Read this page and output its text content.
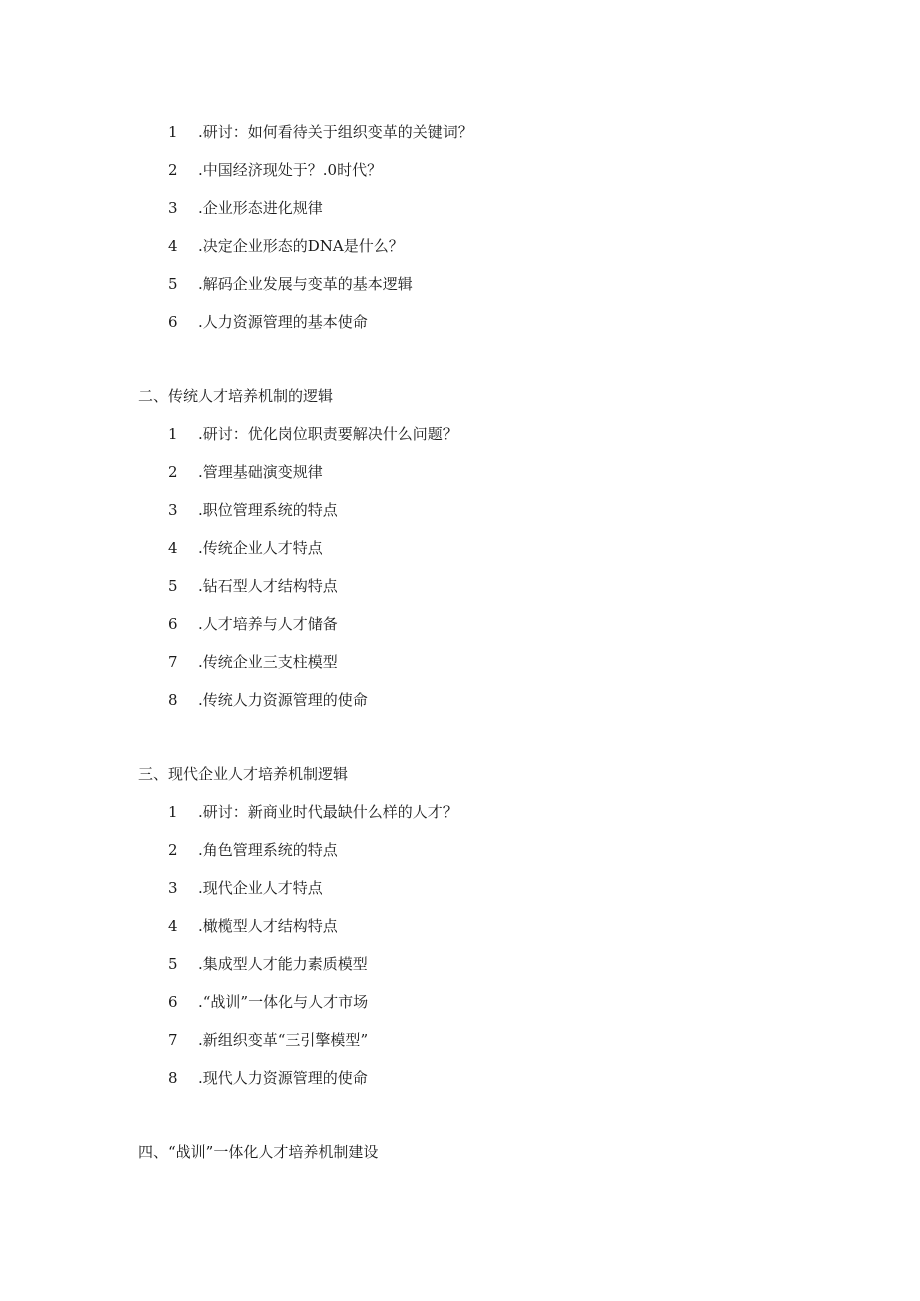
1 .研讨：如何看待关于组织变革的关键词？
2 .中国经济现处于？.0时代？
3 .企业形态进化规律
4 .决定企业形态的DNA是什么？
5 .解码企业发展与变革的基本逻辑
6 .人力资源管理的基本使命
二、传统人才培养机制的逻辑
1 .研讨：优化岗位职责要解决什么问题？
2 .管理基础演变规律
3 .职位管理系统的特点
4 .传统企业人才特点
5 .钻石型人才结构特点
6 .人才培养与人才储备
7 .传统企业三支柱模型
8 .传统人力资源管理的使命
三、现代企业人才培养机制逻辑
1 .研讨：新商业时代最缺什么样的人才？
2 .角色管理系统的特点
3 .现代企业人才特点
4 .橄榄型人才结构特点
5 .集成型人才能力素质模型
6 .“战训”一体化与人才市场
7 .新组织变革“三引擎模型”
8 .现代人力资源管理的使命
四、“战训”一体化人才培养机制建设
